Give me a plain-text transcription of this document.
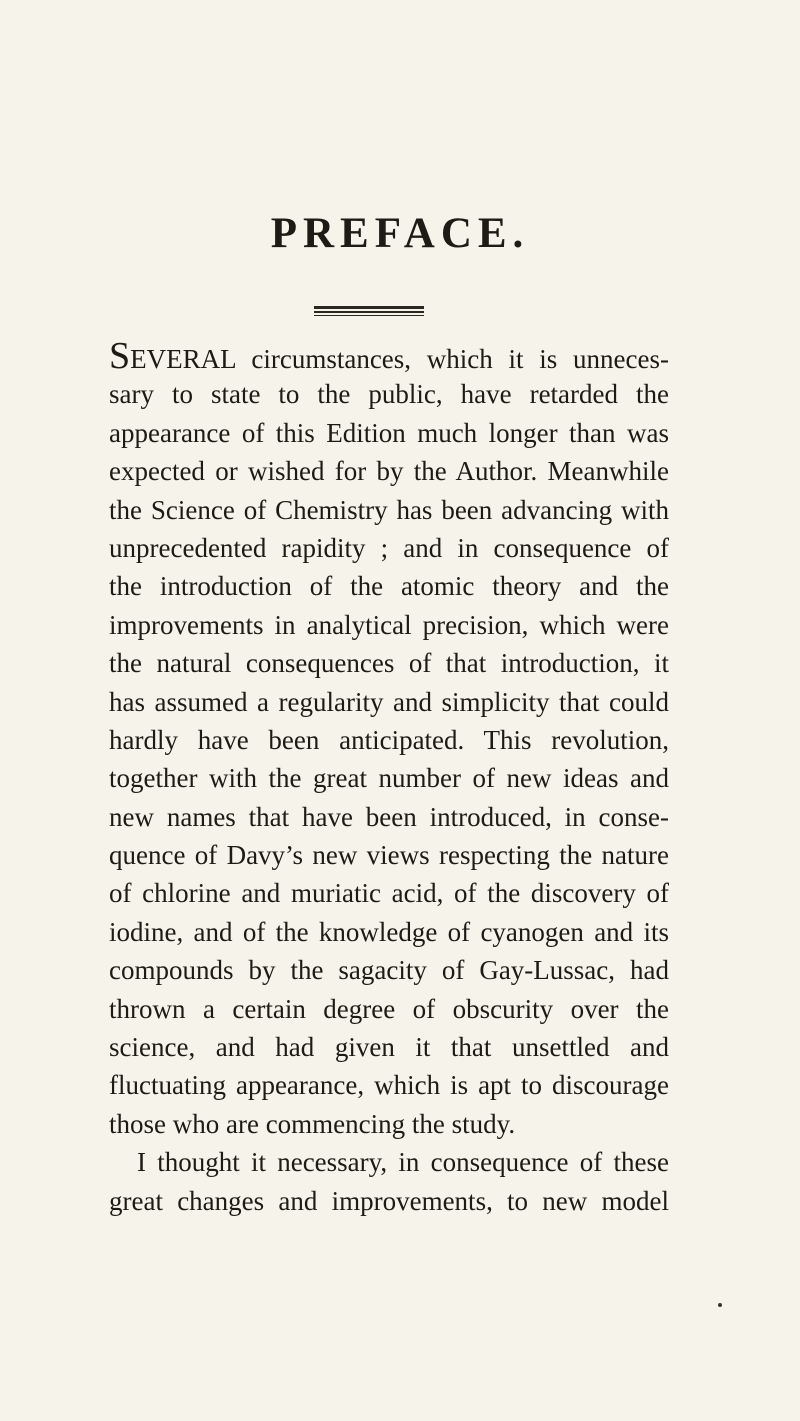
PREFACE.
SEVERAL circumstances, which it is unneces-
sary to state to the public, have retarded the
appearance of this Edition much longer than was
expected or wished for by the Author. Meanwhile
the Science of Chemistry has been advancing with
unprecedented rapidity ; and in consequence of
the introduction of the atomic theory and the
improvements in analytical precision, which were
the natural consequences of that introduction, it
has assumed a regularity and simplicity that could
hardly have been anticipated. This revolution,
together with the great number of new ideas and
new names that have been introduced, in conse-
quence of Davy’s new views respecting the nature
of chlorine and muriatic acid, of the discovery of
iodine, and of the knowledge of cyanogen and its
compounds by the sagacity of Gay-Lussac, had
thrown a certain degree of obscurity over the
science, and had given it that unsettled and
fluctuating appearance, which is apt to discourage
those who are commencing the study.
I thought it necessary, in consequence of these
great changes and improvements, to new model
